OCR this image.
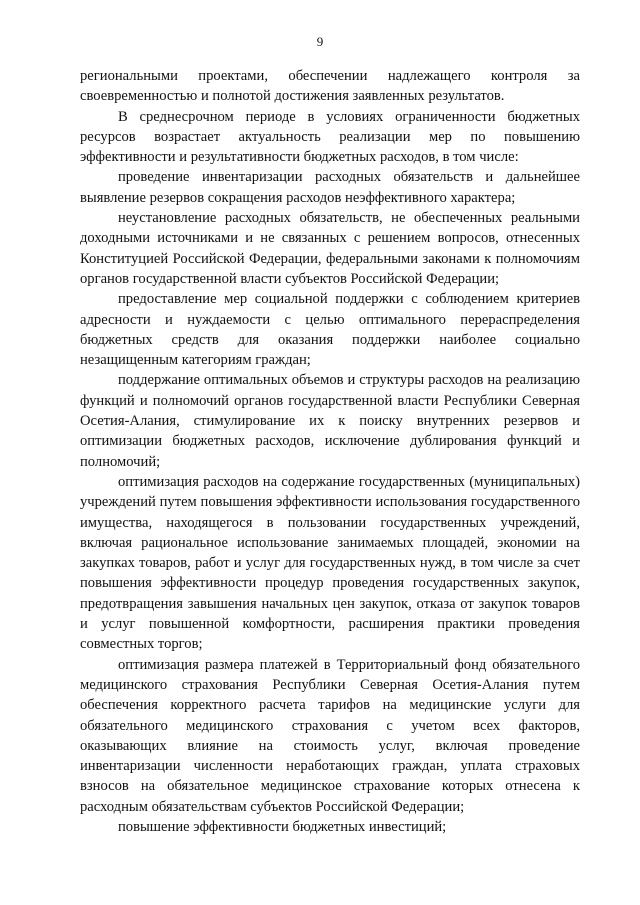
9

региональными проектами, обеспечении надлежащего контроля за своевременностью и полнотой достижения заявленных результатов.

В среднесрочном периоде в условиях ограниченности бюджетных ресурсов возрастает актуальность реализации мер по повышению эффективности и результативности бюджетных расходов, в том числе:

проведение инвентаризации расходных обязательств и дальнейшее выявление резервов сокращения расходов неэффективного характера;

неустановление расходных обязательств, не обеспеченных реальными доходными источниками и не связанных с решением вопросов, отнесенных Конституцией Российской Федерации, федеральными законами к полномочиям органов государственной власти субъектов Российской Федерации;

предоставление мер социальной поддержки с соблюдением критериев адресности и нуждаемости с целью оптимального перераспределения бюджетных средств для оказания поддержки наиболее социально незащищенным категориям граждан;

поддержание оптимальных объемов и структуры расходов на реализацию функций и полномочий органов государственной власти Республики Северная Осетия-Алания, стимулирование их к поиску внутренних резервов и оптимизации бюджетных расходов, исключение дублирования функций и полномочий;

оптимизация расходов на содержание государственных (муниципальных) учреждений путем повышения эффективности использования государственного имущества, находящегося в пользовании государственных учреждений, включая рациональное использование занимаемых площадей, экономии на закупках товаров, работ и услуг для государственных нужд, в том числе за счет повышения эффективности процедур проведения государственных закупок, предотвращения завышения начальных цен закупок, отказа от закупок товаров и услуг повышенной комфортности, расширения практики проведения совместных торгов;

оптимизация размера платежей в Территориальный фонд обязательного медицинского страхования Республики Северная Осетия-Алания путем обеспечения корректного расчета тарифов на медицинские услуги для обязательного медицинского страхования с учетом всех факторов, оказывающих влияние на стоимость услуг, включая проведение инвентаризации численности неработающих граждан, уплата страховых взносов на обязательное медицинское страхование которых отнесена к расходным обязательствам субъектов Российской Федерации;

повышение эффективности бюджетных инвестиций;
